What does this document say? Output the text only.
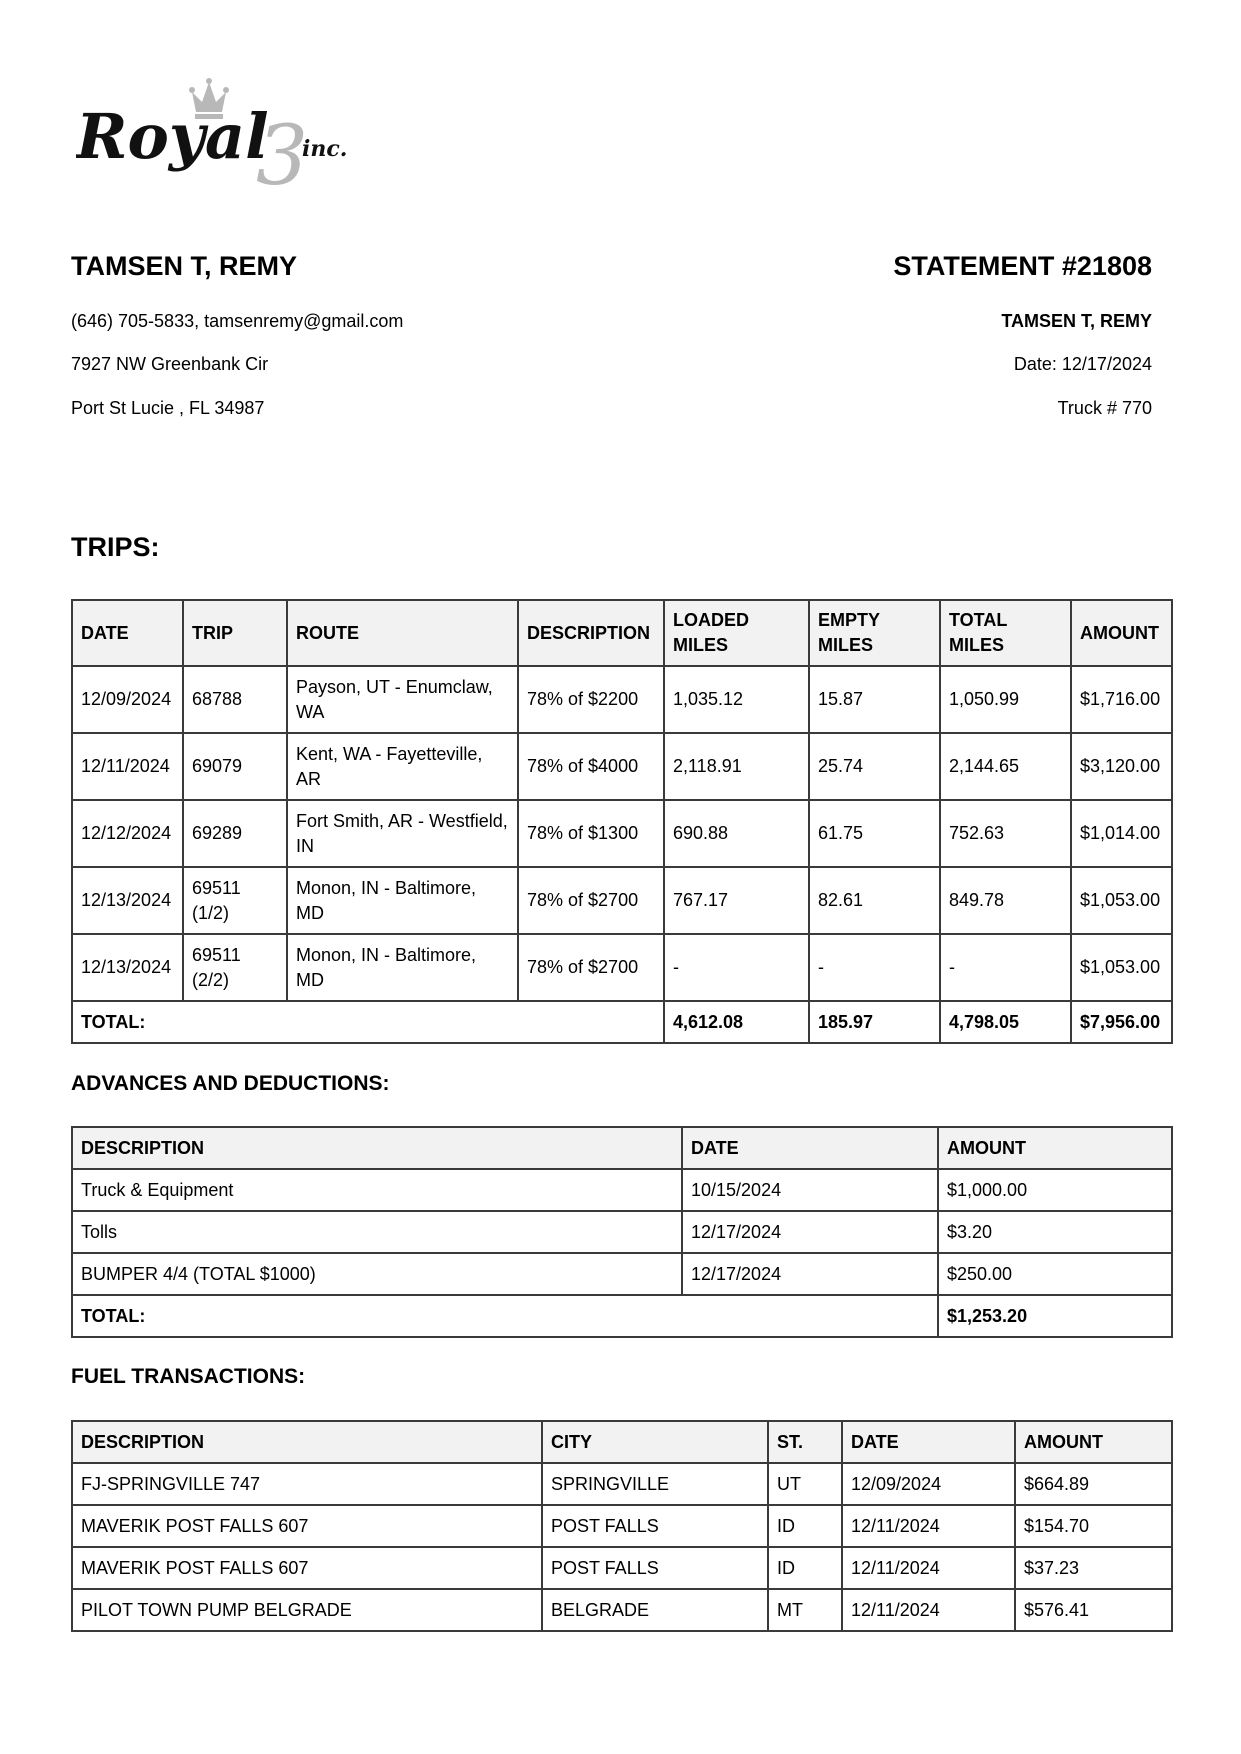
3
Royal inc.
TAMSEN T, REMY	STATEMENT #21808
(646) 705-5833, tamsenremy@gmail.com
7927 NW Greenbank Cir
Port St Lucie , FL 34987
TAMSEN T, REMY
Date: 12/17/2024
Truck # 770
TRIPS:
DATE	TRIP	ROUTE	DESCRIPTION	LOADED MILES	EMPTY MILES	TOTAL MILES	AMOUNT
12/09/2024	68788	Payson, UT - Enumclaw, WA	78% of $2200	1,035.12	15.87	1,050.99	$1,716.00
12/11/2024	69079	Kent, WA - Fayetteville, AR	78% of $4000	2,118.91	25.74	2,144.65	$3,120.00
12/12/2024	69289	Fort Smith, AR - Westfield, IN	78% of $1300	690.88	61.75	752.63	$1,014.00
12/13/2024	69511 (1/2)	Monon, IN - Baltimore, MD	78% of $2700	767.17	82.61	849.78	$1,053.00
12/13/2024	69511 (2/2)	Monon, IN - Baltimore, MD	78% of $2700	-	-	-	$1,053.00
TOTAL:				4,612.08	185.97	4,798.05	$7,956.00
ADVANCES AND DEDUCTIONS:
DESCRIPTION	DATE	AMOUNT
Truck & Equipment	10/15/2024	$1,000.00
Tolls	12/17/2024	$3.20
BUMPER 4/4 (TOTAL $1000)	12/17/2024	$250.00
TOTAL:		$1,253.20
FUEL TRANSACTIONS:
DESCRIPTION	CITY	ST.	DATE	AMOUNT
FJ-SPRINGVILLE 747	SPRINGVILLE	UT	12/09/2024	$664.89
MAVERIK POST FALLS 607	POST FALLS	ID	12/11/2024	$154.70
MAVERIK POST FALLS 607	POST FALLS	ID	12/11/2024	$37.23
PILOT TOWN PUMP BELGRADE	BELGRADE	MT	12/11/2024	$576.41
